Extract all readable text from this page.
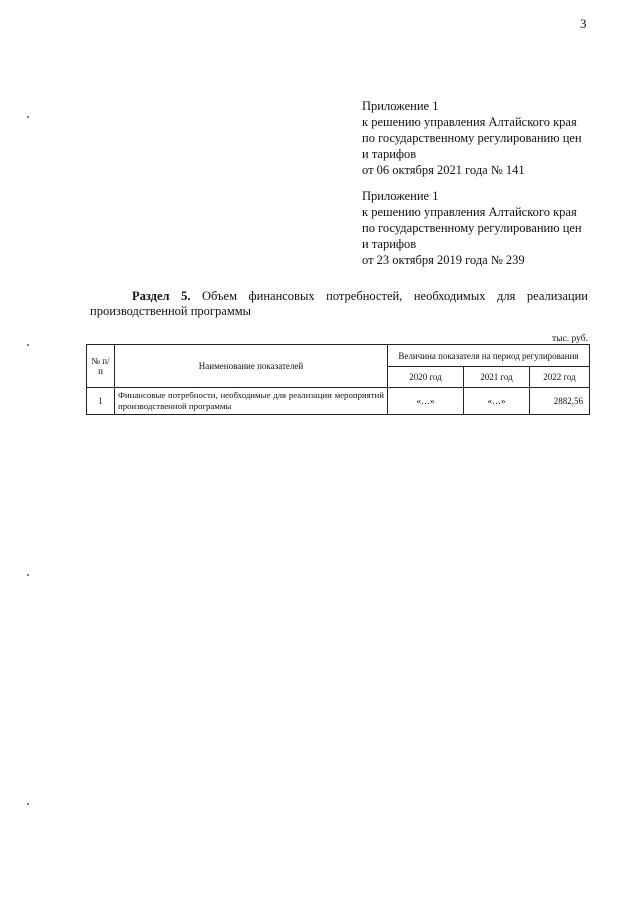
3
Приложение 1
к решению управления Алтайского края
по государственному регулированию цен
и тарифов
от 06 октября 2021 года № 141
Приложение 1
к решению управления Алтайского края
по государственному регулированию цен
и тарифов
от 23 октября 2019 года № 239
Раздел 5. Объем финансовых потребностей, необходимых для реализации
производственной программы
тыс. руб.
№ п/п	Наименование показателей	Величина показателя на период регулирования		
		2020 год	2021 год	2022 год
1	Финансовые потребности, необходимые для реализации мероприятий производственной программы	«…»	«…»	2882,56
